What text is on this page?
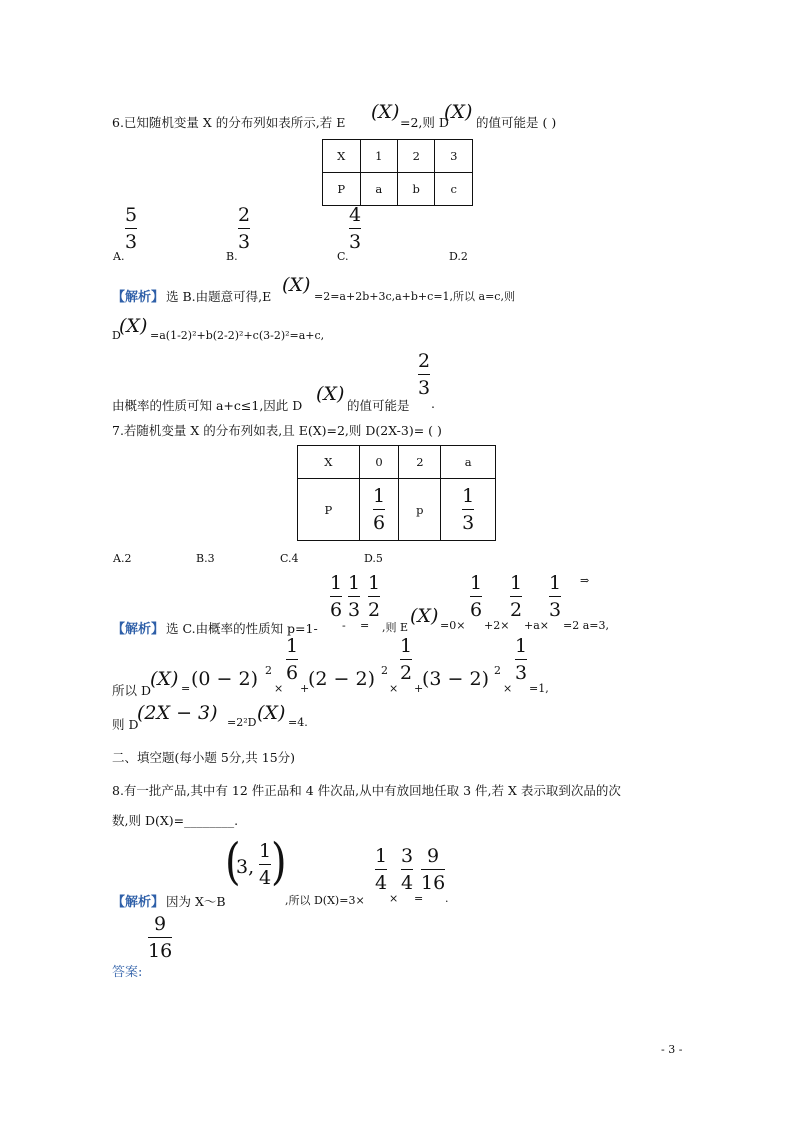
6.已知随机变量 X 的分布列如表所示,若 E (X) =2,则 D
(X) 的值可能是 ( )
X	1	2	3
P	a	b	c
A.
5
3
B.
2
3
C.
4
3
D.2
【解析】 选 B.由题意可得,E
(X)
=2=a+2b+3c,a+b+c=1,所以 a=c,则
D
(X) =a(1-2)²+b(2-2)²+c(3-2)²=a+c,
由概率的性质可知 a+c≤1,因此 D
(X)
的值可能是
2
3
.
7.若随机变量 X 的分布列如表,且 E(X)=2,则 D(2X-3)= ( )
X	0	2	a
P	$\frac{1}{6}$	p	$\frac{1}{3}$
A.2	B.3	C.4	D.5
【解析】 选 C.由概率的性质知 p=1-
1
6
-
1
3
=
1
2
,则 E
(X) =0×
1
6
+2×
1
2
+a×
1
3
=2 a=3,
⇒
所以 D
(X) = (0 − 2) 2
×
1
6
+
(2 − 2) 2
×
1
2
+
(3 − 2) 2
×
1
3
=1,
则 D
(2X − 3) =2²D (X) =4.
二、填空题(每小题 5分,共 15分)
8.有一批产品,其中有 12 件正品和 4 件次品,从中有放回地任取 3 件,若 X 表示取到次品的次
数,则 D(X)=________.
【解析】 因为 X～B
(
3,
1
4 )
,所以 D(X)=3×
1
4
×
3
4
=
9
16
.
答案:
9
16
- 3 -
